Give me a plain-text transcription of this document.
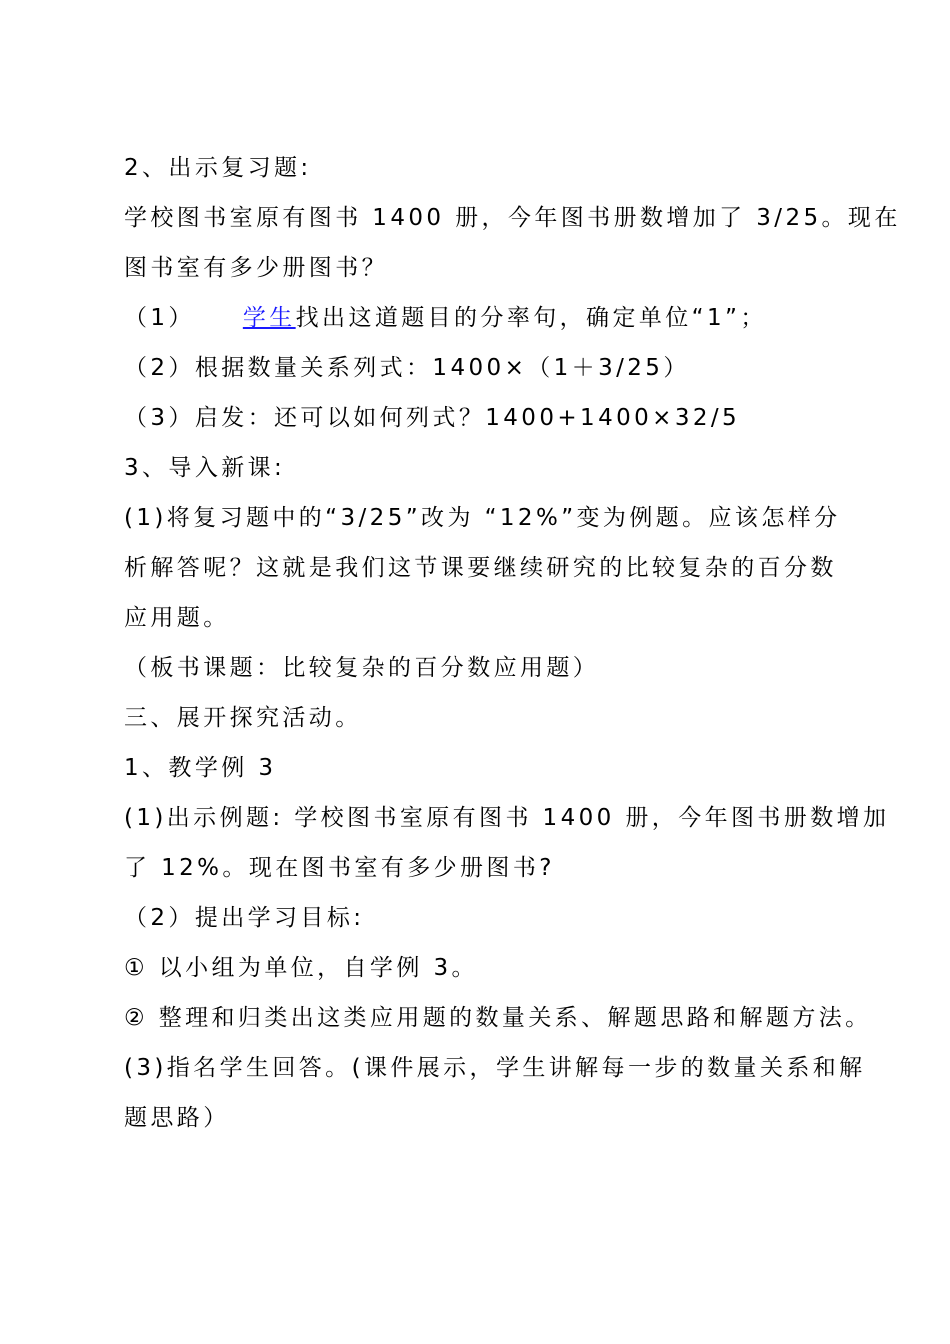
2、出示复习题:
学校图书室原有图书 1400 册，今年图书册数增加了 3/25。现在
图书室有多少册图书？
（1） 学生找出这道题目的分率句，确定单位“1”；
（2）根据数量关系列式：1400×（1＋3/25）
（3）启发：还可以如何列式？1400+1400×32/5
3、导入新课:
(1)将复习题中的“3/25”改为 “12%”变为例题。应该怎样分
析解答呢？这就是我们这节课要继续研究的比较复杂的百分数
应用题。
（板书课题：比较复杂的百分数应用题）
三、展开探究活动。
1、教学例 3
(1)出示例题: 学校图书室原有图书 1400 册，今年图书册数增加
了 12%。现在图书室有多少册图书?
（2）提出学习目标:
① 以小组为单位，自学例 3。
② 整理和归类出这类应用题的数量关系、解题思路和解题方法。
(3)指名学生回答。(课件展示，学生讲解每一步的数量关系和解
题思路）
